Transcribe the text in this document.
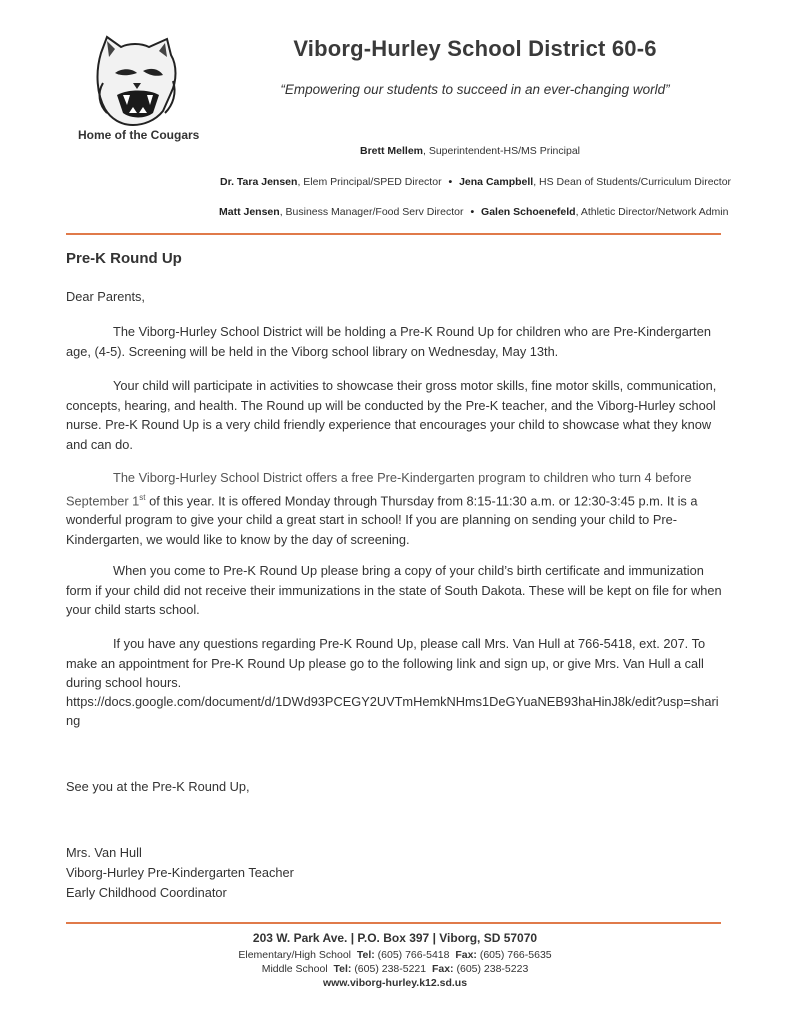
Home of the Cougars
Viborg-Hurley School District 60-6
“Empowering our students to succeed in an ever-changing world”
Brett Mellem, Superintendent-HS/MS Principal
Dr. Tara Jensen, Elem Principal/SPED Director • Jena Campbell, HS Dean of Students/Curriculum Director
Matt Jensen, Business Manager/Food Serv Director • Galen Schoenefeld, Athletic Director/Network Admin
Pre-K Round Up
Dear Parents,
The Viborg-Hurley School District will be holding a Pre-K Round Up for children who are Pre-Kindergarten age, (4-5). Screening will be held in the Viborg school library on Wednesday, May 13th.
Your child will participate in activities to showcase their gross motor skills, fine motor skills, communication, concepts, hearing, and health. The Round up will be conducted by the Pre-K teacher, and the Viborg-Hurley school nurse. Pre-K Round Up is a very child friendly experience that encourages your child to showcase what they know and can do.
The Viborg-Hurley School District offers a free Pre-Kindergarten program to children who turn 4 before September 1st of this year. It is offered Monday through Thursday from 8:15-11:30 a.m. or 12:30-3:45 p.m. It is a wonderful program to give your child a great start in school! If you are planning on sending your child to Pre-Kindergarten, we would like to know by the day of screening.
When you come to Pre-K Round Up please bring a copy of your child’s birth certificate and immunization form if your child did not receive their immunizations in the state of South Dakota. These will be kept on file for when your child starts school.
If you have any questions regarding Pre-K Round Up, please call Mrs. Van Hull at 766-5418, ext. 207. To make an appointment for Pre-K Round Up please go to the following link and sign up, or give Mrs. Van Hull a call during school hours.
https://docs.google.com/document/d/1DWd93PCEGY2UVTmHemkNHms1DeGYuaNEB93haHinJ8k/edit?usp=shari
ng
See you at the Pre-K Round Up,
Mrs. Van Hull
Viborg-Hurley Pre-Kindergarten Teacher
Early Childhood Coordinator
203 W. Park Ave. | P.O. Box 397 | Viborg, SD 57070
Elementary/High School Tel: (605) 766-5418 Fax: (605) 766-5635
Middle School Tel: (605) 238-5221 Fax: (605) 238-5223
www.viborg-hurley.k12.sd.us
